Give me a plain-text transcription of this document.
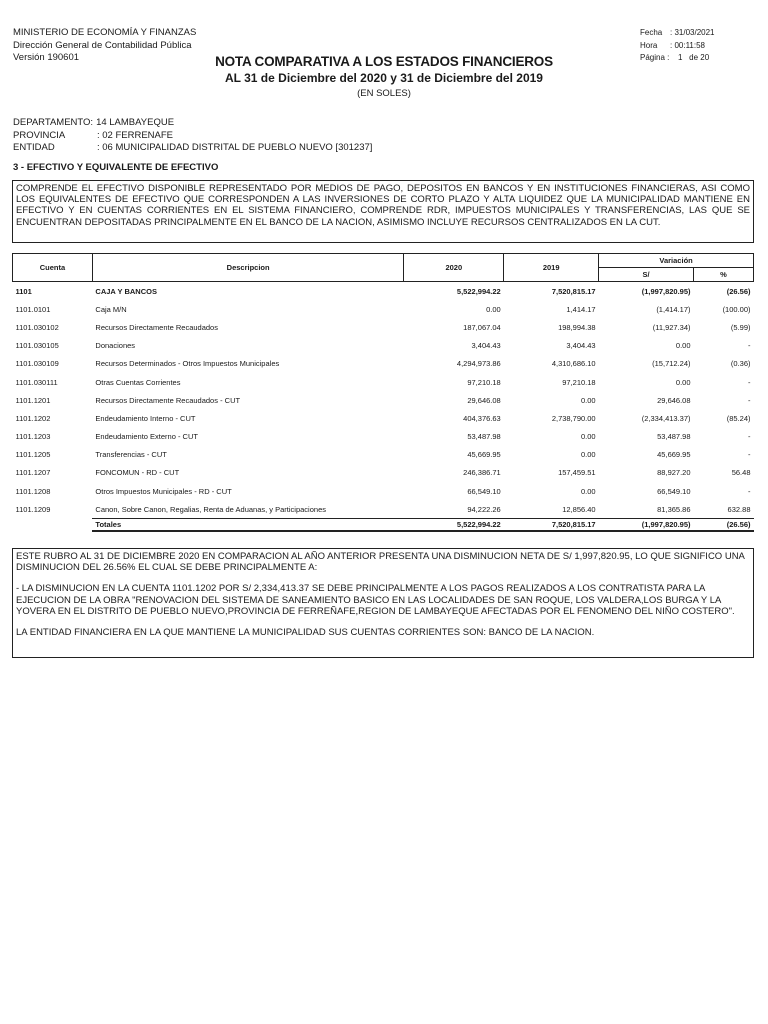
MINISTERIO DE ECONOMÍA Y FINANZAS
Dirección General de Contabilidad Pública
Versión 190601
Fecha : 31/03/2021
Hora	: 00:11:58
Página :	1   de 20
NOTA COMPARATIVA A LOS ESTADOS FINANCIEROS
AL 31 de Diciembre del 2020 y 31 de Diciembre del 2019
(EN SOLES)
DEPARTAMENTO: 14 LAMBAYEQUE
PROVINCIA	: 02 FERRENAFE
ENTIDAD	: 06 MUNICIPALIDAD DISTRITAL DE PUEBLO NUEVO [301237]
3 - EFECTIVO Y EQUIVALENTE DE EFECTIVO
COMPRENDE EL EFECTIVO DISPONIBLE REPRESENTADO POR MEDIOS DE PAGO, DEPOSITOS EN BANCOS Y EN INSTITUCIONES FINANCIERAS, ASI COMO LOS EQUIVALENTES DE EFECTIVO QUE CORRESPONDEN A LAS INVERSIONES DE CORTO PLAZO Y ALTA LIQUIDEZ QUE LA MUNICIPALIDAD MANTIENE EN EFECTIVO Y EN CUENTAS CORRIENTES EN EL SISTEMA FINANCIERO, COMPRENDE RDR, IMPUESTOS MUNICIPALES Y TRANSFERENCIAS, LAS QUE SE ENCUENTRAN DEPOSITADAS PRINCIPALMENTE EN EL BANCO DE LA NACION, ASIMISMO INCLUYE RECURSOS CENTRALIZADOS EN LA CUT.
Cuenta	Descripcion	2020	2019	Variación	
				S/	%
1101	CAJA Y BANCOS	5,522,994.22	7,520,815.17	(1,997,820.95)	(26.56)
1101.0101	Caja M/N	0.00	1,414.17	(1,414.17)	(100.00)
1101.030102	Recursos Directamente Recaudados	187,067.04	198,994.38	(11,927.34)	(5.99)
1101.030105	Donaciones	3,404.43	3,404.43	0.00	-
1101.030109	Recursos Determinados - Otros Impuestos Municipales	4,294,973.86	4,310,686.10	(15,712.24)	(0.36)
1101.030111	Otras Cuentas Corrientes	97,210.18	97,210.18	0.00	-
1101.1201	Recursos Directamente Recaudados - CUT	29,646.08	0.00	29,646.08	-
1101.1202	Endeudamiento Interno - CUT	404,376.63	2,738,790.00	(2,334,413.37)	(85.24)
1101.1203	Endeudamiento Externo - CUT	53,487.98	0.00	53,487.98	-
1101.1205	Transferencias - CUT	45,669.95	0.00	45,669.95	-
1101.1207	FONCOMUN - RD - CUT	246,386.71	157,459.51	88,927.20	56.48
1101.1208	Otros Impuestos Municipales - RD - CUT	66,549.10	0.00	66,549.10	-
1101.1209	Canon, Sobre Canon, Regalias, Renta de Aduanas, y Participaciones	94,222.26	12,856.40	81,365.86	632.88
	Totales	5,522,994.22	7,520,815.17	(1,997,820.95)	(26.56)

ESTE RUBRO AL 31 DE DICIEMBRE 2020 EN COMPARACION AL AÑO ANTERIOR PRESENTA UNA DISMINUCION NETA DE S/ 1,997,820.95, LO QUE SIGNIFICO UNA DISMINUCION DEL 26.56% EL CUAL SE DEBE PRINCIPALMENTE A:

- LA DISMINUCION EN LA CUENTA 1101.1202 POR S/ 2,334,413.37 SE DEBE PRINCIPALMENTE A LOS PAGOS REALIZADOS A LOS CONTRATISTA PARA LA EJECUCION DE LA OBRA "RENOVACION DEL SISTEMA DE SANEAMIENTO BASICO EN LAS LOCALIDADES DE SAN ROQUE, LOS VALDERA,LOS BURGA Y LA YOVERA EN EL DISTRITO DE PUEBLO NUEVO,PROVINCIA DE FERREÑAFE,REGION DE LAMBAYEQUE AFECTADAS POR EL FENOMENO DEL NIÑO COSTERO".

LA ENTIDAD FINANCIERA EN LA QUE MANTIENE LA MUNICIPALIDAD SUS CUENTAS CORRIENTES SON: BANCO DE LA NACION.
